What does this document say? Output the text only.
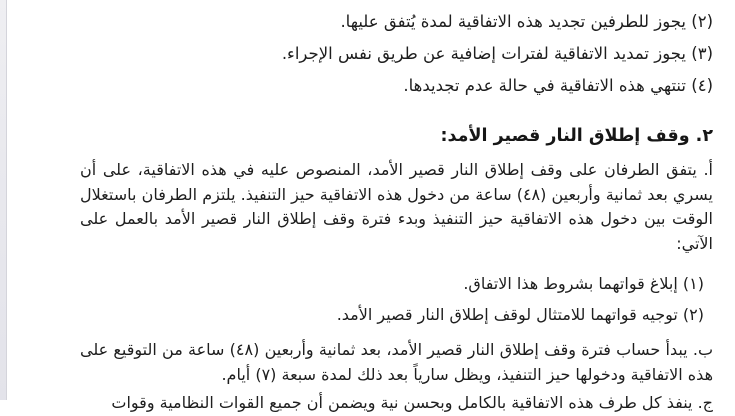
(٢) يجوز للطرفين تجديد هذه الاتفاقية لمدة يُتفق عليها.

(٣) يجوز تمديد الاتفاقية لفترات إضافية عن طريق نفس الإجراء.

(٤) تنتهي هذه الاتفاقية في حالة عدم تجديدها.

٢. وقف إطلاق النار قصير الأمد:

أ. يتفق الطرفان على وقف إطلاق النار قصير الأمد، المنصوص عليه في هذه الاتفاقية، على أن يسري بعد ثمانية وأربعين (٤٨) ساعة من دخول هذه الاتفاقية حيز التنفيذ. يلتزم الطرفان باستغلال الوقت بين دخول هذه الاتفاقية حيز التنفيذ وبدء فترة وقف إطلاق النار قصير الأمد بالعمل على الآتي:

(١) إبلاغ قواتهما بشروط هذا الاتفاق.

(٢) توجيه قواتهما للامتثال لوقف إطلاق النار قصير الأمد.

ب. يبدأ حساب فترة وقف إطلاق النار قصير الأمد، بعد ثمانية وأربعين (٤٨) ساعة من التوقيع على هذه الاتفاقية ودخولها حيز التنفيذ، ويظل سارياً بعد ذلك لمدة سبعة (٧) أيام.

ج. ينفذ كل طرف هذه الاتفاقية بالكامل وبحسن نية ويضمن أن جميع القوات النظامية وقوات
